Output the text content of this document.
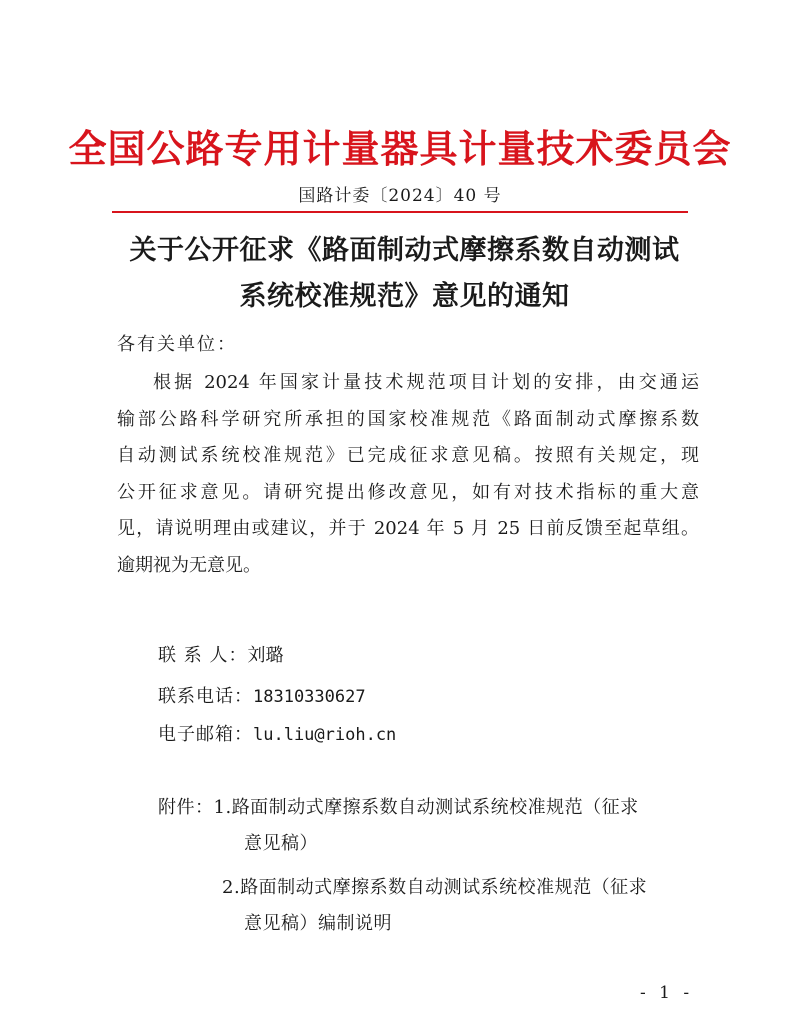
全国公路专用计量器具计量技术委员会
国路计委〔2024〕40 号
关于公开征求《路面制动式摩擦系数自动测试
系统校准规范》意见的通知
各有关单位：
根据 2024 年国家计量技术规范项目计划的安排，由交通运
输部公路科学研究所承担的国家校准规范《路面制动式摩擦系数
自动测试系统校准规范》已完成征求意见稿。按照有关规定，现
公开征求意见。请研究提出修改意见，如有对技术指标的重大意
见，请说明理由或建议，并于 2024 年 5 月 25 日前反馈至起草组。
逾期视为无意见。
联 系 人：刘璐
联系电话：18310330627
电子邮箱：lu.liu@rioh.cn
附件：1.路面制动式摩擦系数自动测试系统校准规范（征求
意见稿）
2.路面制动式摩擦系数自动测试系统校准规范（征求
意见稿）编制说明
- 1 -
